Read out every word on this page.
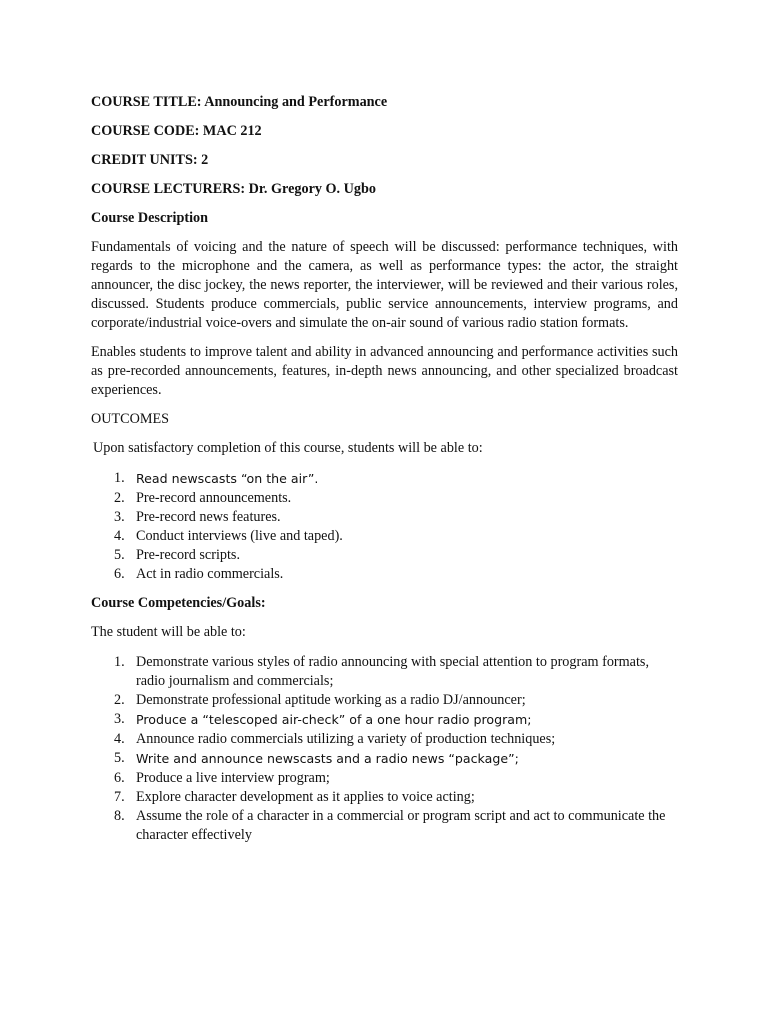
COURSE TITLE: Announcing and Performance
COURSE CODE: MAC 212
CREDIT UNITS: 2
COURSE LECTURERS: Dr. Gregory O. Ugbo
Course Description

Fundamentals of voicing and the nature of speech will be discussed: performance techniques, with regards to the microphone and the camera, as well as performance types: the actor, the straight announcer, the disc jockey, the news reporter, the interviewer, will be reviewed and their various roles, discussed. Students produce commercials, public service announcements, interview programs, and corporate/industrial voice-overs and simulate the on-air sound of various radio station formats.

Enables students to improve talent and ability in advanced announcing and performance activities such as pre-recorded announcements, features, in-depth news announcing, and other specialized broadcast experiences.

OUTCOMES
Upon satisfactory completion of this course, students will be able to:
1. Read newscasts “on the air”.
2. Pre-record announcements.
3. Pre-record news features.
4. Conduct interviews (live and taped).
5. Pre-record scripts.
6. Act in radio commercials.
Course Competencies/Goals:
The student will be able to:
1. Demonstrate various styles of radio announcing with special attention to program formats, radio journalism and commercials;
2. Demonstrate professional aptitude working as a radio DJ/announcer;
3. Produce a “telescoped air-check” of a one hour radio program;
4. Announce radio commercials utilizing a variety of production techniques;
5. Write and announce newscasts and a radio news “package”;
6. Produce a live interview program;
7. Explore character development as it applies to voice acting;
8. Assume the role of a character in a commercial or program script and act to communicate the character effectively
